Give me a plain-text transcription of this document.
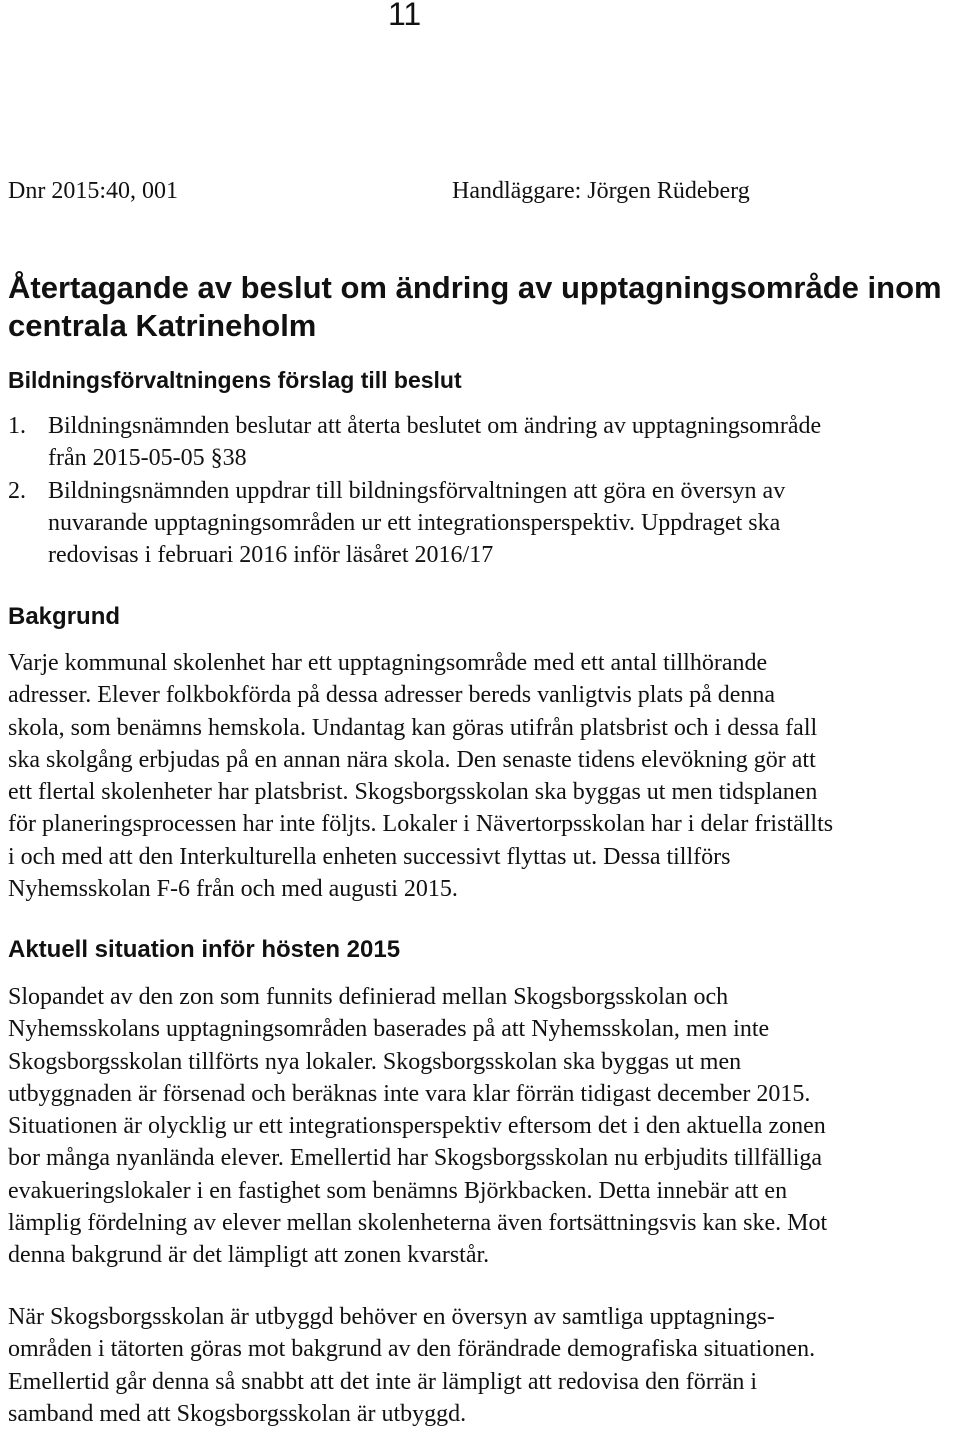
11
Dnr 2015:40, 001	Handläggare: Jörgen Rüdeberg
Återtagande av beslut om ändring av upptagningsområde inom centrala Katrineholm
Bildningsförvaltningens förslag till beslut
1. Bildningsnämnden beslutar att återta beslutet om ändring av upptagningsområde
från 2015-05-05 §38
2. Bildningsnämnden uppdrar till bildningsförvaltningen att göra en översyn av
nuvarande upptagningsområden ur ett integrationsperspektiv. Uppdraget ska
redovisas i februari 2016 inför läsåret 2016/17
Bakgrund

Varje kommunal skolenhet har ett upptagningsområde med ett antal tillhörande
adresser. Elever folkbokförda på dessa adresser bereds vanligtvis plats på denna
skola, som benämns hemskola. Undantag kan göras utifrån platsbrist och i dessa fall
ska skolgång erbjudas på en annan nära skola. Den senaste tidens elevökning gör att
ett flertal skolenheter har platsbrist. Skogsborgsskolan ska byggas ut men tidsplanen
för planeringsprocessen har inte följts. Lokaler i Nävertorpsskolan har i delar friställts
i och med att den Interkulturella enheten successivt flyttas ut. Dessa tillförs
Nyhemsskolan F-6 från och med augusti 2015.

Aktuell situation inför hösten 2015

Slopandet av den zon som funnits definierad mellan Skogsborgsskolan och
Nyhemsskolans upptagningsområden baserades på att Nyhemsskolan, men inte
Skogsborgsskolan tillförts nya lokaler. Skogsborgsskolan ska byggas ut men
utbyggnaden är försenad och beräknas inte vara klar förrän tidigast december 2015.
Situationen är olycklig ur ett integrationsperspektiv eftersom det i den aktuella zonen
bor många nyanlända elever. Emellertid har Skogsborgsskolan nu erbjudits tillfälliga
evakueringslokaler i en fastighet som benämns Björkbacken. Detta innebär att en
lämplig fördelning av elever mellan skolenheterna även fortsättningsvis kan ske. Mot
denna bakgrund är det lämpligt att zonen kvarstår.

När Skogsborgsskolan är utbyggd behöver en översyn av samtliga upptagnings-
områden i tätorten göras mot bakgrund av den förändrade demografiska situationen.
Emellertid går denna så snabbt att det inte är lämpligt att redovisa den förrän i
samband med att Skogsborgsskolan är utbyggd.
